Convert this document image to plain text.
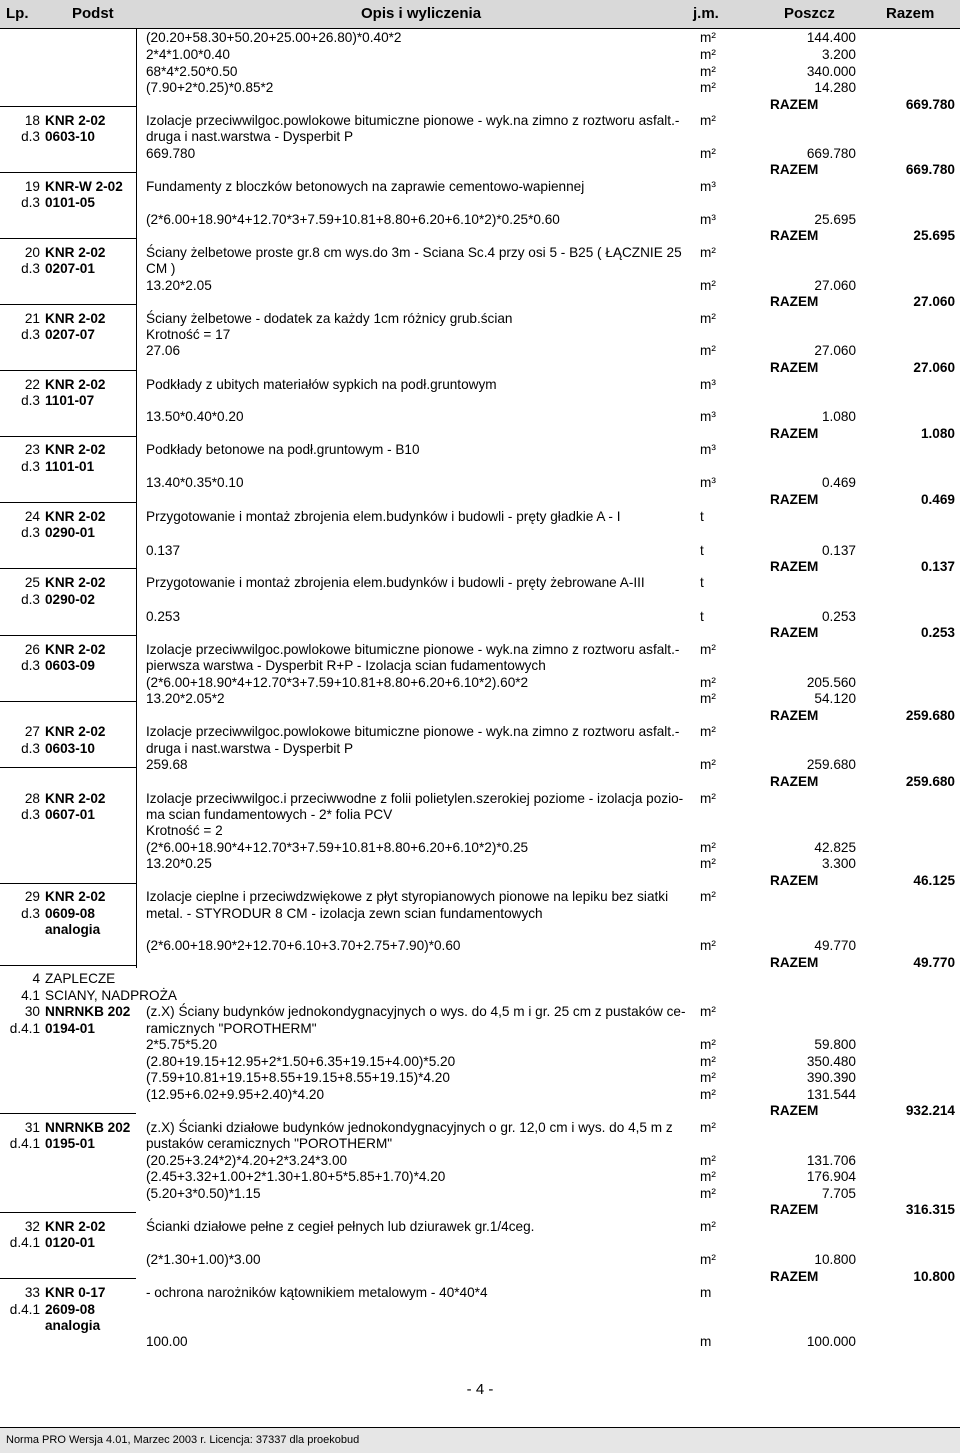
Lp.	Podst	Opis i wyliczenia	j.m.	Poszcz	Razem
(20.20+58.30+50.20+25.00+26.80)*0.40*2	m²	144.400
2*4*1.00*0.40	m²	3.200
68*4*2.50*0.50	m²	340.000
(7.90+2*0.25)*0.85*2	m²	14.280
RAZEM	669.780
18 KNR 2-02	Izolacje przeciwwilgoc.powlokowe bitumiczne pionowe - wyk.na zimno z roztworu asfalt.-	m²
d.3 0603-10	druga i nast.warstwa - Dysperbit P
669.780	m²	669.780
RAZEM	669.780
19 KNR-W 2-02	Fundamenty z bloczków betonowych na zaprawie cementowo-wapiennej	m³
d.3 0101-05
(2*6.00+18.90*4+12.70*3+7.59+10.81+8.80+6.20+6.10*2)*0.25*0.60	m³	25.695
RAZEM	25.695
20 KNR 2-02	Ściany żelbetowe proste gr.8 cm wys.do 3m - Sciana Sc.4 przy osi 5 - B25 ( ŁĄCZNIE 25	m²
d.3 0207-01	CM )
13.20*2.05	m²	27.060
RAZEM	27.060
21 KNR 2-02	Ściany żelbetowe - dodatek za każdy 1cm różnicy grub.ścian	m²
d.3 0207-07	Krotność = 17
27.06	m²	27.060
RAZEM	27.060
22 KNR 2-02	Podkłady z ubitych materiałów sypkich na podł.gruntowym	m³
d.3 1101-07
13.50*0.40*0.20	m³	1.080
RAZEM	1.080
23 KNR 2-02	Podkłady betonowe na podł.gruntowym - B10	m³
d.3 1101-01
13.40*0.35*0.10	m³	0.469
RAZEM	0.469
24 KNR 2-02	Przygotowanie i montaż zbrojenia elem.budynków i budowli - pręty gładkie A - I	t
d.3 0290-01
0.137	t	0.137
RAZEM	0.137
25 KNR 2-02	Przygotowanie i montaż zbrojenia elem.budynków i budowli - pręty żebrowane A-III	t
d.3 0290-02
0.253	t	0.253
RAZEM	0.253
26 KNR 2-02	Izolacje przeciwwilgoc.powlokowe bitumiczne pionowe - wyk.na zimno z roztworu asfalt.-	m²
d.3 0603-09	pierwsza warstwa - Dysperbit R+P - Izolacja scian fudamentowych
(2*6.00+18.90*4+12.70*3+7.59+10.81+8.80+6.20+6.10*2).60*2	m²	205.560
13.20*2.05*2	m²	54.120
RAZEM	259.680
27 KNR 2-02	Izolacje przeciwwilgoc.powlokowe bitumiczne pionowe - wyk.na zimno z roztworu asfalt.-	m²
d.3 0603-10	druga i nast.warstwa - Dysperbit P
259.68	m²	259.680
RAZEM	259.680
28 KNR 2-02	Izolacje przeciwwilgoc.i przeciwwodne z folii polietylen.szerokiej poziome - izolacja pozio-	m²
d.3 0607-01	ma scian fundamentowych - 2* folia PCV
Krotność = 2
(2*6.00+18.90*4+12.70*3+7.59+10.81+8.80+6.20+6.10*2)*0.25	m²	42.825
13.20*0.25	m²	3.300
RAZEM	46.125
29 KNR 2-02	Izolacje cieplne i przeciwdzwiękowe z płyt styropianowych pionowe na lepiku bez siatki	m²
d.3 0609-08	metal. - STYRODUR 8 CM - izolacja zewn scian fundamentowych
analogia
(2*6.00+18.90*2+12.70+6.10+3.70+2.75+7.90)*0.60	m²	49.770
RAZEM	49.770
4 ZAPLECZE
4.1 SCIANY, NADPROŻA
30 NNRNKB 202	(z.X) Ściany budynków jednokondygnacyjnych o wys. do 4,5 m i gr. 25 cm z pustaków ce-	m²
d.4.1 0194-01	ramicznych "POROTHERM"
2*5.75*5.20	m²	59.800
(2.80+19.15+12.95+2*1.50+6.35+19.15+4.00)*5.20	m²	350.480
(7.59+10.81+19.15+8.55+19.15+8.55+19.15)*4.20	m²	390.390
(12.95+6.02+9.95+2.40)*4.20	m²	131.544
RAZEM	932.214
31 NNRNKB 202	(z.X) Ścianki działowe budynków jednokondygnacyjnych o gr. 12,0 cm i wys. do 4,5 m z	m²
d.4.1 0195-01	pustaków ceramicznych "POROTHERM"
(20.25+3.24*2)*4.20+2*3.24*3.00	m²	131.706
(2.45+3.32+1.00+2*1.30+1.80+5*5.85+1.70)*4.20	m²	176.904
(5.20+3*0.50)*1.15	m²	7.705
RAZEM	316.315
32 KNR 2-02	Ścianki działowe pełne z cegieł pełnych lub dziurawek gr.1/4ceg.	m²
d.4.1 0120-01
(2*1.30+1.00)*3.00	m²	10.800
RAZEM	10.800
33 KNR 0-17	- ochrona narożników kątownikiem metalowym - 40*40*4	m
d.4.1 2609-08
analogia
100.00	m	100.000
- 4 -
Norma PRO Wersja 4.01, Marzec 2003 r. Licencja: 37337 dla proekobud
